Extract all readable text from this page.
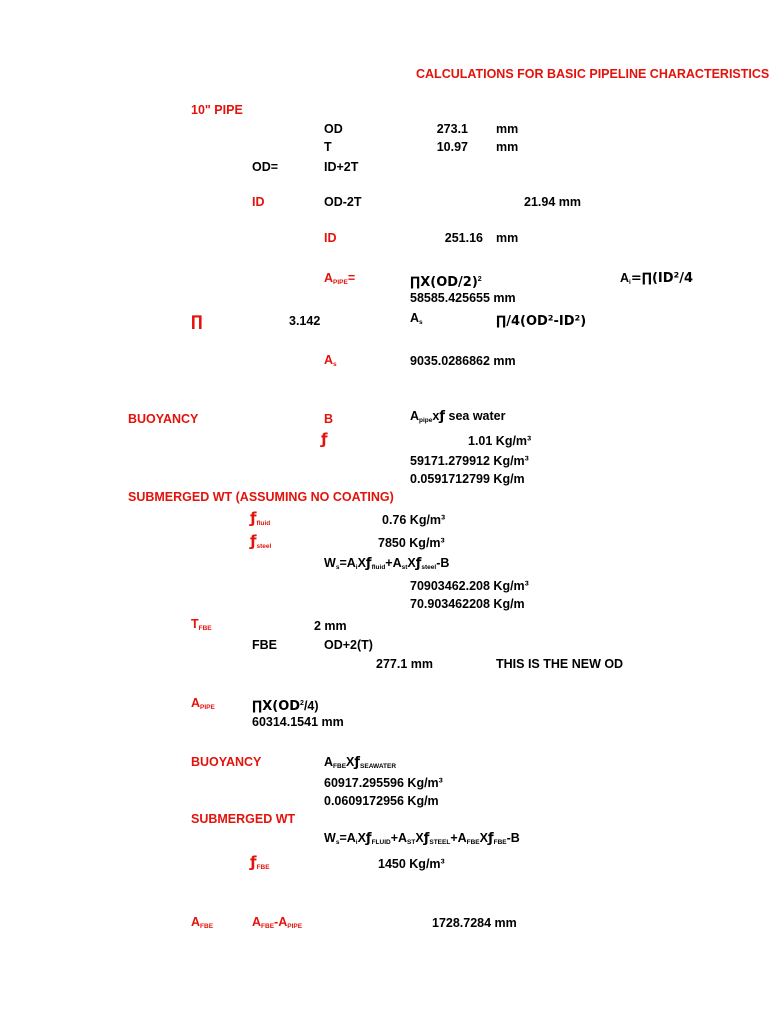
CALCULATIONS FOR BASIC PIPELINE CHARACTERISTICS
10" PIPE
OD	273.1 mm
T	10.97 mm
OD=	ID+2T
ID	OD-2T	21.94 mm
ID	251.16 mm
$A_{PIPE}=$	$\prod X(OD/2)^2$	$A_i=\prod(ID^2/4$
58585.425655 mm
∏	3.142	$A_s$	∏/4(OD²-ID²)
$A_s$	9035.0286862 mm
BUOYANCY	B	$A_{pipe}xƒ$ sea water
ƒ	1.01 Kg/m³
59171.279912 Kg/m³
0.0591712799 Kg/m
SUBMERGED WT (ASSUMING NO COATING)
$ƒ_{fluid}$	0.76 Kg/m³
$ƒ_{steel}$	7850 Kg/m³
$W_s=A_iXƒ_{fluid}+A_{st}Xƒ_{steel}-B$
70903462.208 Kg/m³
70.903462208 Kg/m
$T_{FBE}$	2 mm
FBE	OD+2(T)
277.1 mm	THIS IS THE NEW OD
$A_{PIPE}$	$\prod X(OD^2/4)$
60314.1541 mm
BUOYANCY	$A_{FBE}Xƒ_{SEAWATER}$
60917.295596 Kg/m³
0.0609172956 Kg/m
SUBMERGED WT
$W_s=A_iXƒ_{FLUID}+A_{ST}Xƒ_{STEEL}+A_{FBE}Xƒ_{FBE}-B$
$ƒ_{FBE}$	1450 Kg/m³
$A_{FBE}$	$A_{FBE}-A_{PIPE}$	1728.7284 mm
